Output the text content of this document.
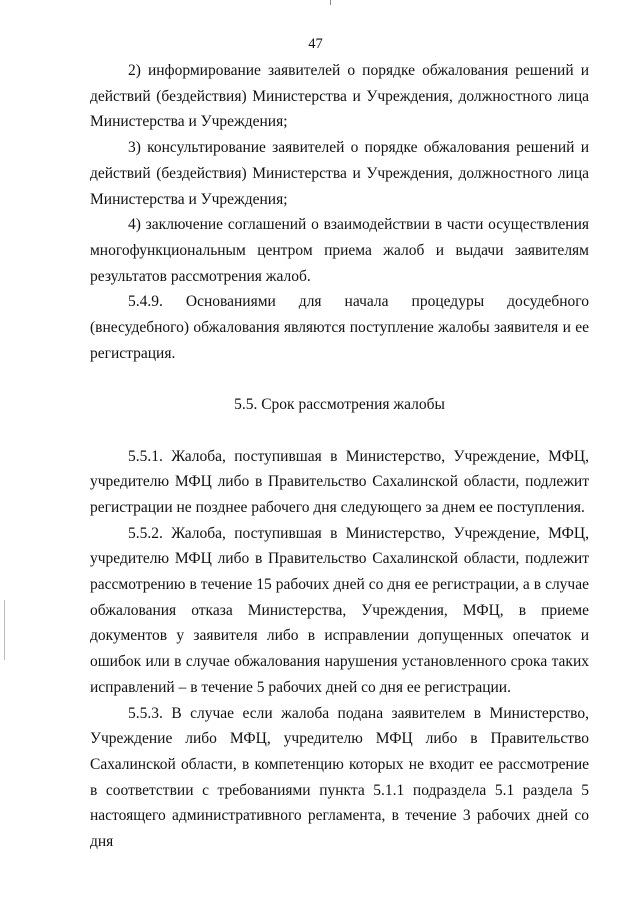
47

2) информирование заявителей о порядке обжалования решений и действий (бездействия) Министерства и Учреждения, должностного лица Министерства и Учреждения;

3) консультирование заявителей о порядке обжалования решений и действий (бездействия) Министерства и Учреждения, должностного лица Министерства и Учреждения;

4) заключение соглашений о взаимодействии в части осуществления многофункциональным центром приема жалоб и выдачи заявителям результатов рассмотрения жалоб.

5.4.9. Основаниями для начала процедуры досудебного (внесудебного) обжалования являются поступление жалобы заявителя и ее регистрация.

5.5. Срок рассмотрения жалобы

5.5.1. Жалоба, поступившая в Министерство, Учреждение, МФЦ, учредителю МФЦ либо в Правительство Сахалинской области, подлежит регистрации не позднее рабочего дня следующего за днем ее поступления.

5.5.2. Жалоба, поступившая в Министерство, Учреждение, МФЦ, учредителю МФЦ либо в Правительство Сахалинской области, подлежит рассмотрению в течение 15 рабочих дней со дня ее регистрации, а в случае обжалования отказа Министерства, Учреждения, МФЦ, в приеме документов у заявителя либо в исправлении допущенных опечаток и ошибок или в случае обжалования нарушения установленного срока таких исправлений – в течение 5 рабочих дней со дня ее регистрации.

5.5.3. В случае если жалоба подана заявителем в Министерство, Учреждение либо МФЦ, учредителю МФЦ либо в Правительство Сахалинской области, в компетенцию которых не входит ее рассмотрение в соответствии с требованиями пункта 5.1.1 подраздела 5.1 раздела 5 настоящего административного регламента, в течение 3 рабочих дней со дня
